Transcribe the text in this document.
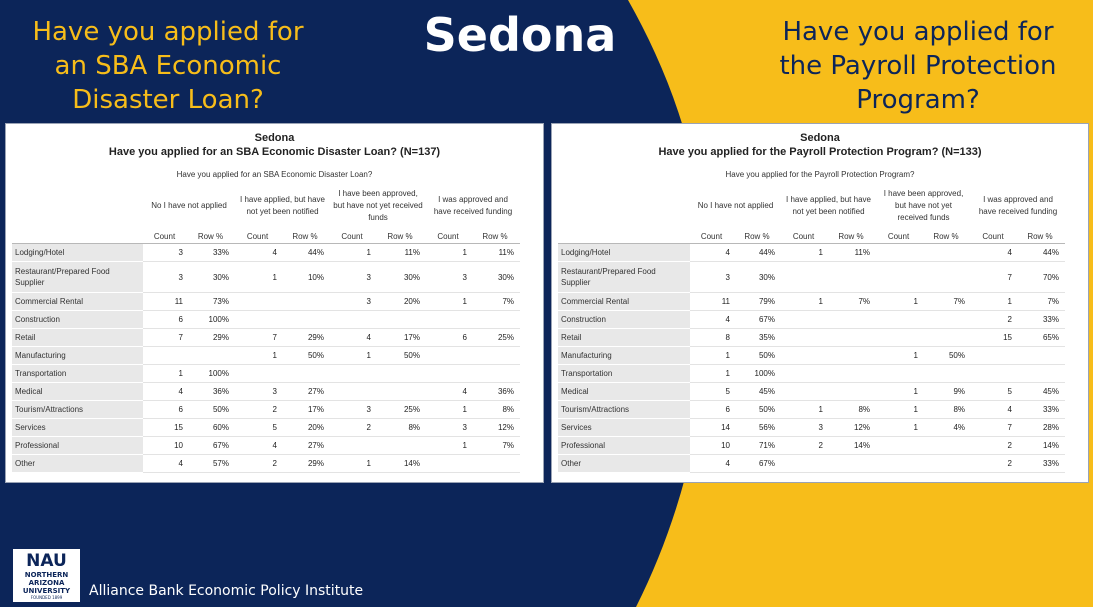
Have you applied for an SBA Economic Disaster Loan?
Sedona	Have you applied for the Payroll Protection Program?
Sedona
Have you applied for an SBA Economic Disaster Loan? (N=137)
Have you applied for an SBA Economic Disaster Loan?
	No I have not applied		I have applied, but have not yet been notified		I have been approved, but have not yet received funds		I was approved and have received funding	
	Count	Row %	Count	Row %	Count	Row %	Count	Row %
Lodging/Hotel	3	33%	4	44%	1	11%	1	11%
Restaurant/Prepared Food Supplier	3	30%	1	10%	3	30%	3	30%
Commercial Rental	11	73%			3	20%	1	7%
Construction	6	100%						
Retail	7	29%	7	29%	4	17%	6	25%
Manufacturing			1	50%	1	50%		
Transportation	1	100%						
Medical	4	36%	3	27%			4	36%
Tourism/Attractions	6	50%	2	17%	3	25%	1	8%
Services	15	60%	5	20%	2	8%	3	12%
Professional	10	67%	4	27%			1	7%
Other	4	57%	2	29%	1	14%		
Sedona
Have you applied for the Payroll Protection Program? (N=133)
Have you applied for the Payroll Protection Program?
	No I have not applied		I have applied, but have not yet been notified		I have been approved, but have not yet received funds		I was approved and have received funding	
	Count	Row %	Count	Row %	Count	Row %	Count	Row %
Lodging/Hotel	4	44%	1	11%			4	44%
Restaurant/Prepared Food Supplier	3	30%					7	70%
Commercial Rental	11	79%	1	7%	1	7%	1	7%
Construction	4	67%					2	33%
Retail	8	35%					15	65%
Manufacturing	1	50%			1	50%		
Transportation	1	100%						
Medical	5	45%			1	9%	5	45%
Tourism/Attractions	6	50%	1	8%	1	8%	4	33%
Services	14	56%	3	12%	1	4%	7	28%
Professional	10	71%	2	14%			2	14%
Other	4	67%					2	33%
NAU
NORTHERN
ARIZONA
UNIVERSITY
FOUNDED 1899	Alliance Bank Economic Policy Institute
